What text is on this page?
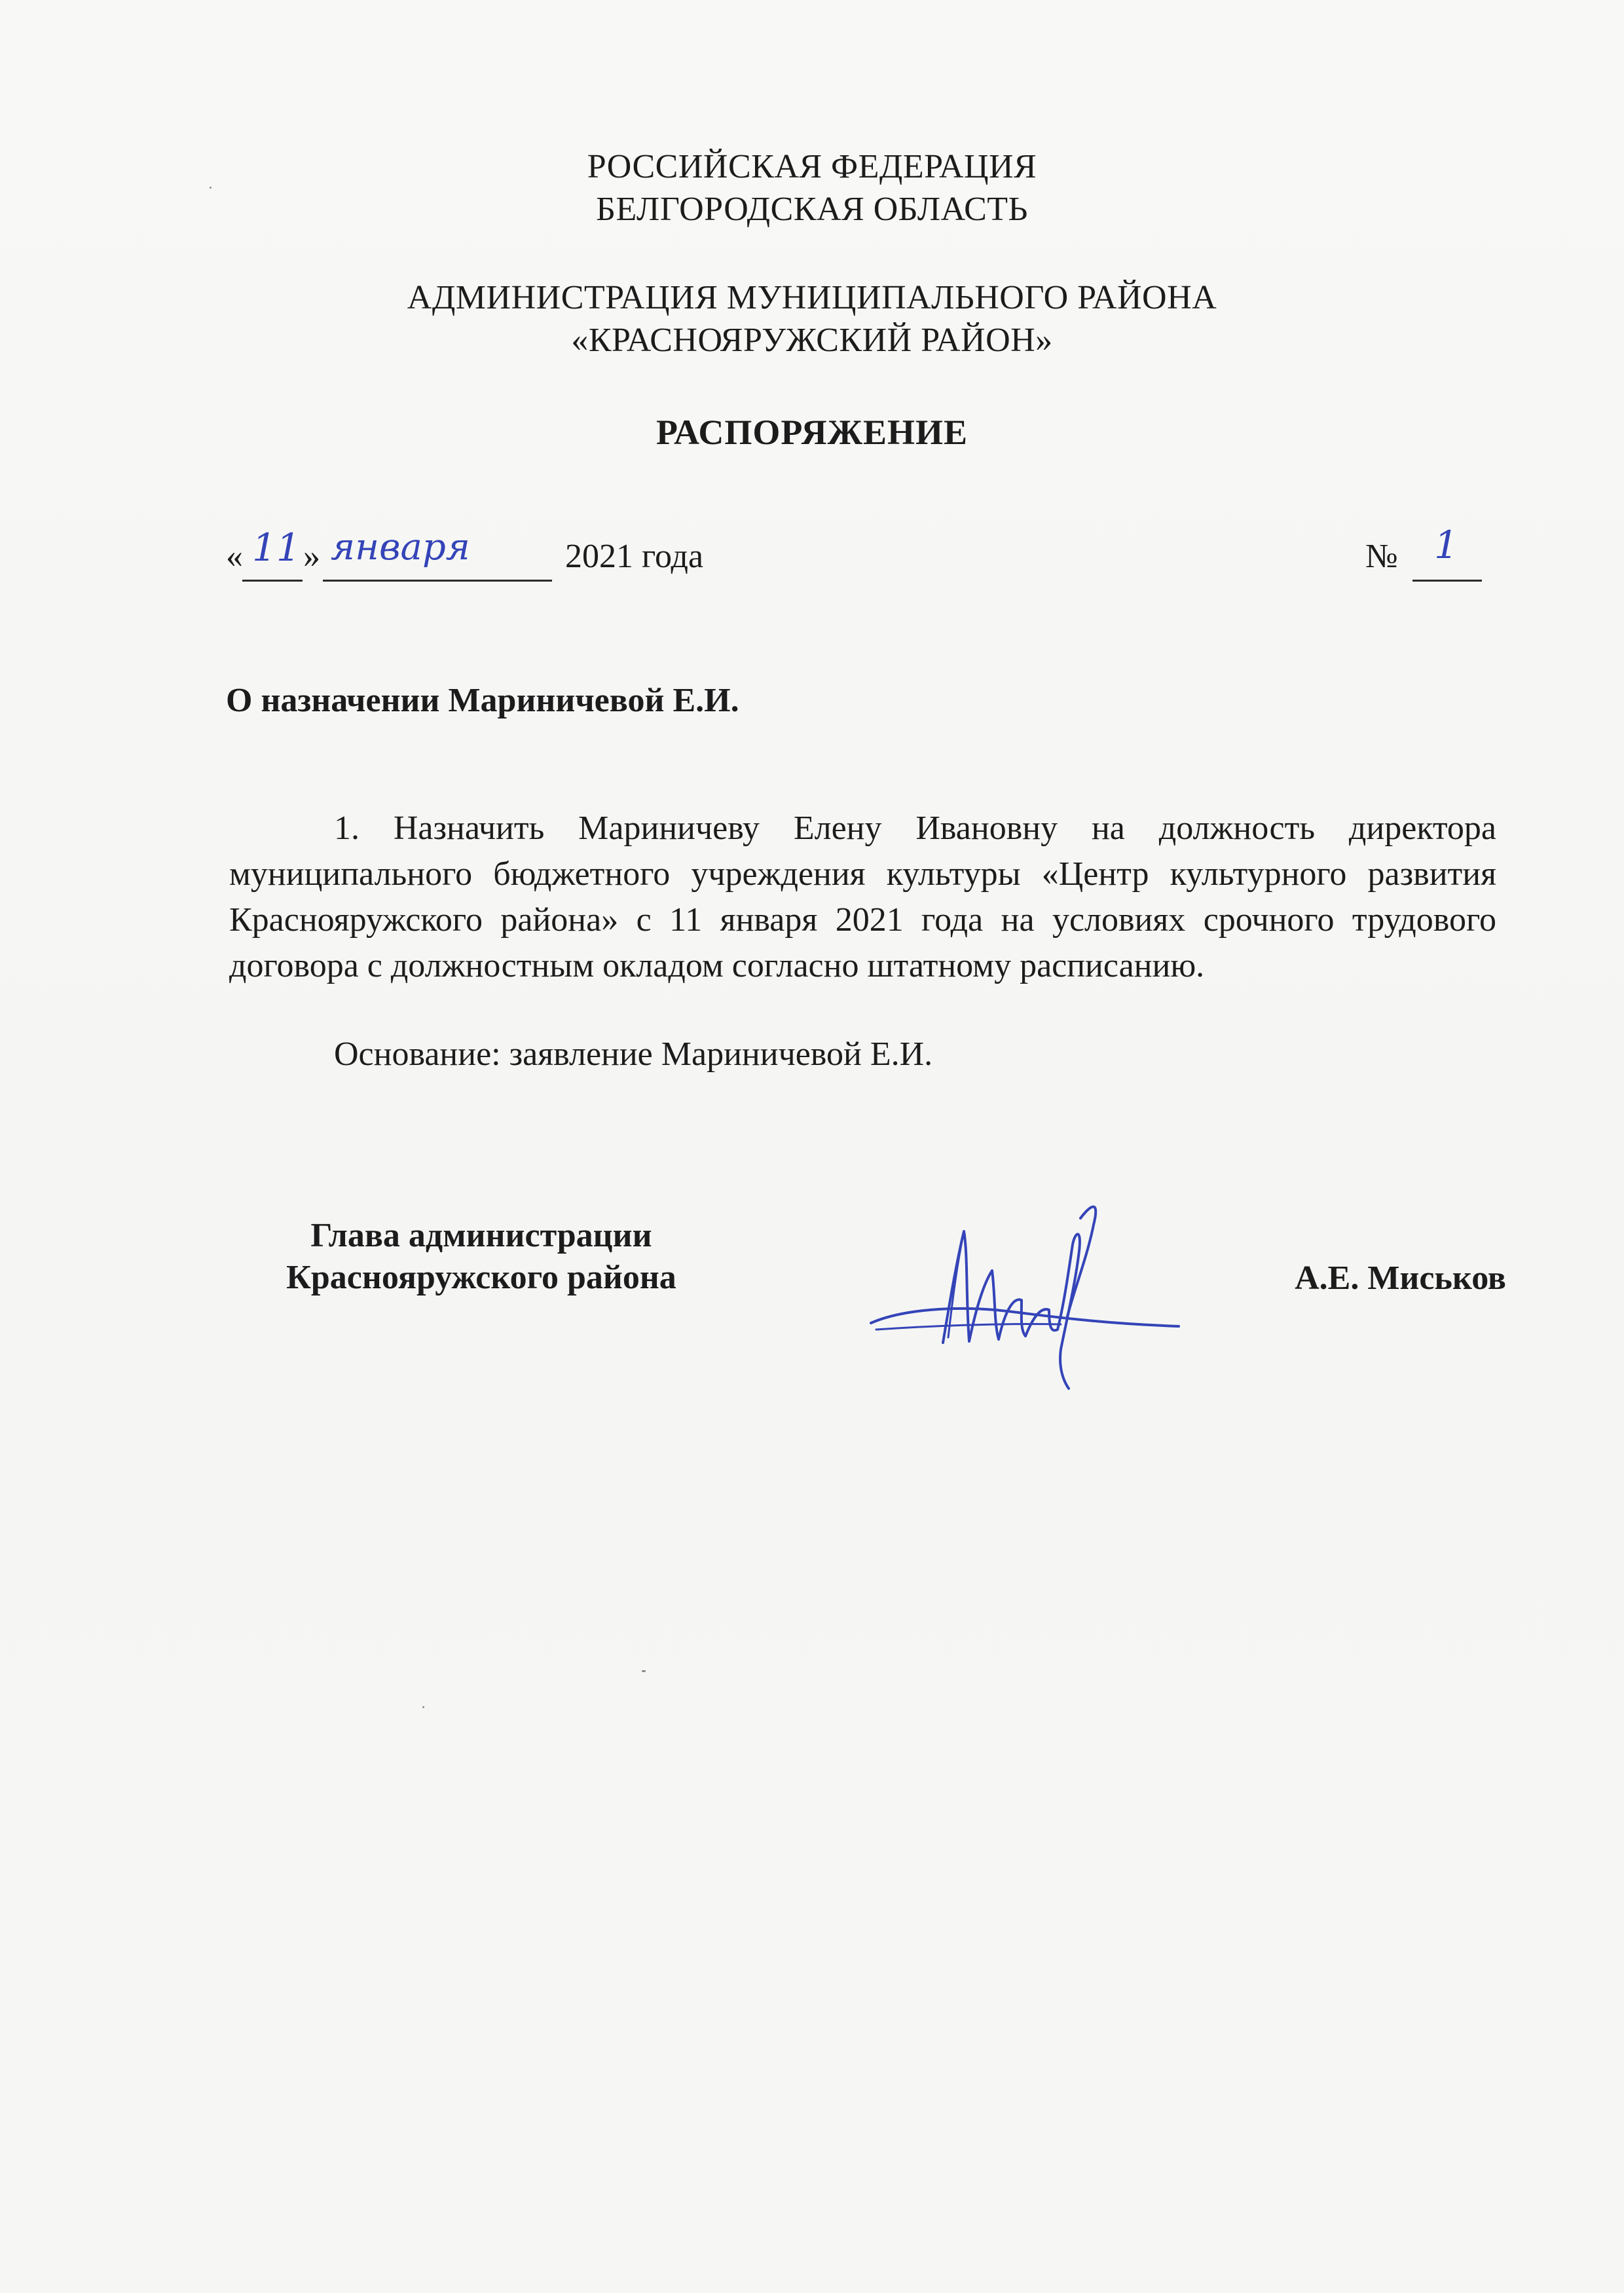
РОССИЙСКАЯ ФЕДЕРАЦИЯ
БЕЛГОРОДСКАЯ ОБЛАСТЬ
АДМИНИСТРАЦИЯ МУНИЦИПАЛЬНОГО РАЙОНА
«КРАСНОЯРУЖСКИЙ РАЙОН»
РАСПОРЯЖЕНИЕ
« 11 » января	2021 года	№ 1
О назначении Мариничевой Е.И.

1. Назначить Мариничеву Елену Ивановну на должность директора муниципального бюджетного учреждения культуры «Центр культурного развития Краснояружского района» с 11 января 2021 года на условиях срочного трудового договора с должностным окладом согласно штатному расписанию.

Основание: заявление Мариничевой Е.И.

Глава администрации
Краснояружского района	А.Е. Миськов
